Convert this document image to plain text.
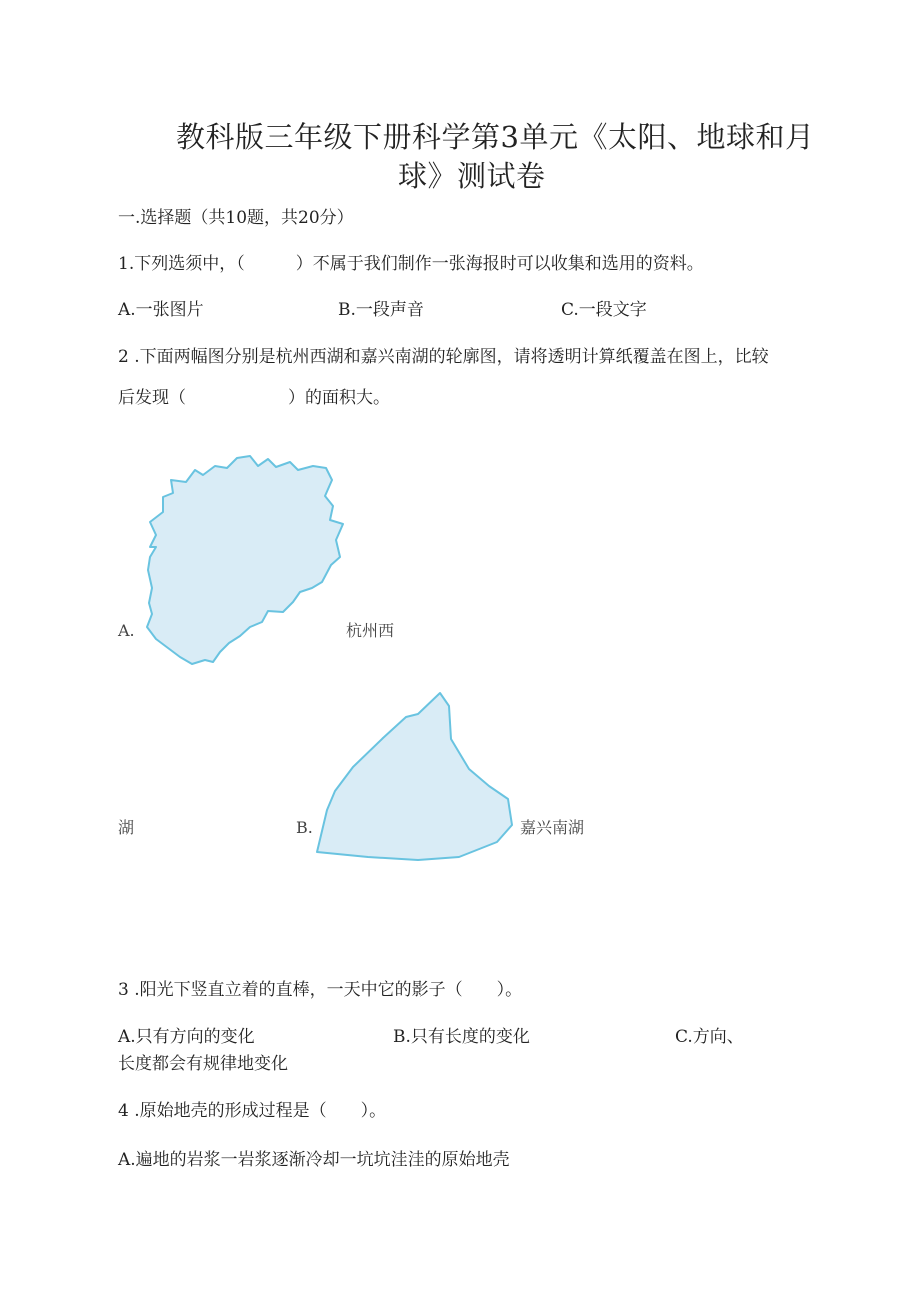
教科版三年级下册科学第3单元《太阳、地球和月
球》测试卷
一.选择题（共10题，共20分）
1.下列选须中，（　　　）不属于我们制作一张海报时可以收集和选用的资料。
A.一张图片	B.一段声音	C.一段文字
2 .下面两幅图分别是杭州西湖和嘉兴南湖的轮廓图，请将透明计算纸覆盖在图上，比较
后发现（　　　　　　）的面积大。
A.	杭州西
湖	B.	嘉兴南湖
3 .阳光下竖直立着的直棒，一天中它的影子（　　）。
A.只有方向的变化	B.只有长度的变化	C.方向、
长度都会有规律地变化
4 .原始地壳的形成过程是（　　）。
A.遍地的岩浆一岩浆逐渐冷却一坑坑洼洼的原始地壳
